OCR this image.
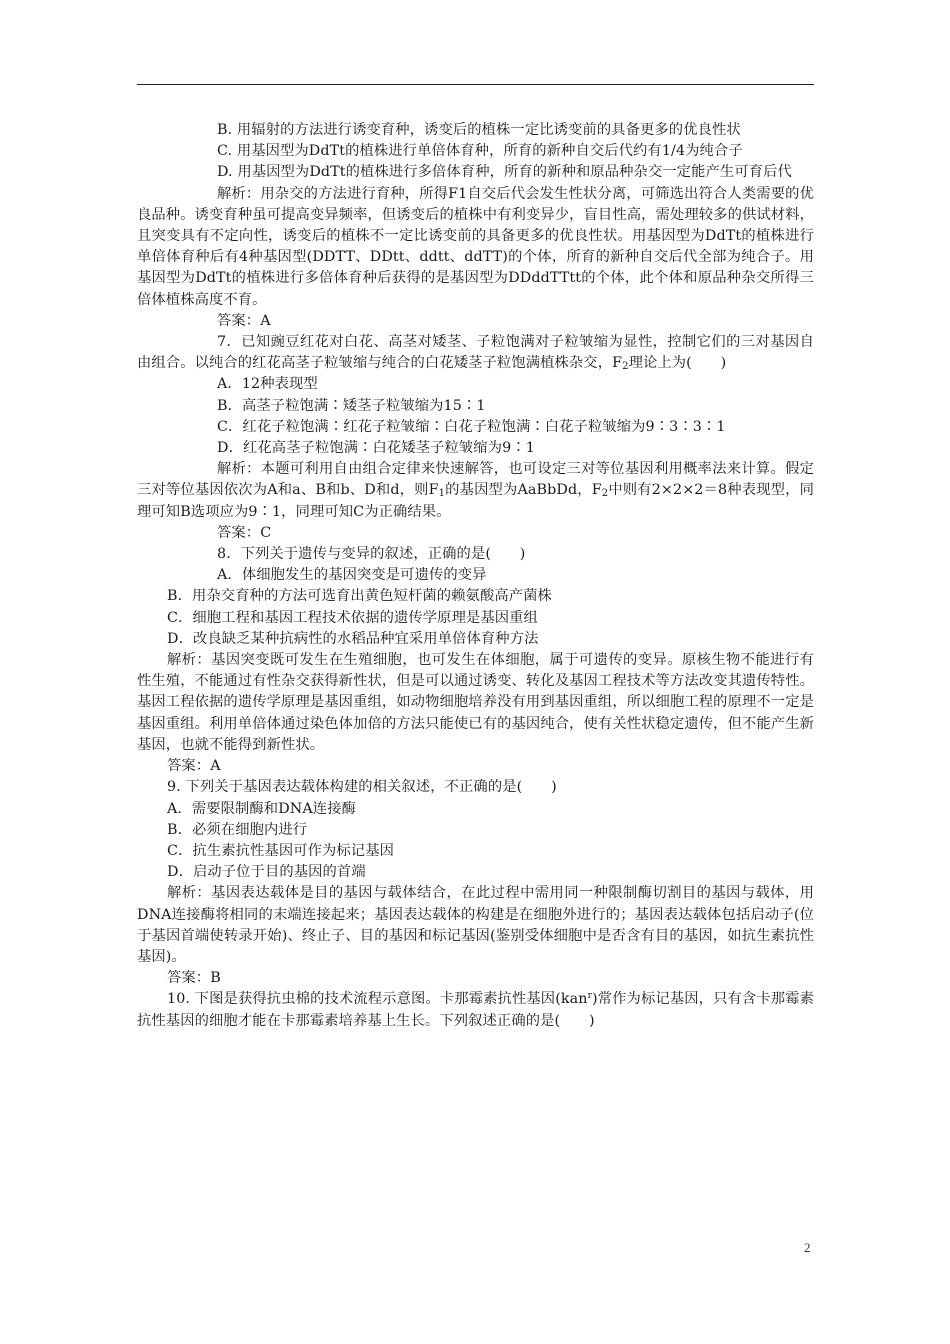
B. 用辐射的方法进行诱变育种，诱变后的植株一定比诱变前的具备更多的优良性状

C. 用基因型为DdTt的植株进行单倍体育种，所育的新种自交后代约有1/4为纯合子

D. 用基因型为DdTt的植株进行多倍体育种，所育的新种和原品种杂交一定能产生可育后代

解析：用杂交的方法进行育种，所得F1自交后代会发生性状分离，可筛选出符合人类需要的优良品种。诱变育种虽可提高变异频率，但诱变后的植株中有利变异少，盲目性高，需处理较多的供试材料，且突变具有不定向性，诱变后的植株不一定比诱变前的具备更多的优良性状。用基因型为DdTt的植株进行单倍体育种后有4种基因型(DDTT、DDtt、ddtt、ddTT)的个体，所育的新种自交后代全部为纯合子。用基因型为DdTt的植株进行多倍体育种后获得的是基因型为DDddTTtt的个体，此个体和原品种杂交所得三倍体植株高度不育。

答案：A

7．已知豌豆红花对白花、高茎对矮茎、子粒饱满对子粒皱缩为显性，控制它们的三对基因自由组合。以纯合的红花高茎子粒皱缩与纯合的白花矮茎子粒饱满植株杂交，$F_2$理论上为(　　)

A．12种表现型

B．高茎子粒饱满∶矮茎子粒皱缩为15∶1

C．红花子粒饱满∶红花子粒皱缩∶白花子粒饱满∶白花子粒皱缩为9∶3∶3∶1

D．红花高茎子粒饱满∶白花矮茎子粒皱缩为9∶1

解析：本题可利用自由组合定律来快速解答，也可设定三对等位基因利用概率法来计算。假定三对等位基因依次为A和a、B和b、D和d，则$F_1$的基因型为AaBbDd，$F_2$中则有2×2×2＝8种表现型，同理可知B选项应为9∶1，同理可知C为正确结果。

答案：C

8．下列关于遗传与变异的叙述，正确的是(　　)

A．体细胞发生的基因突变是可遗传的变异

B．用杂交育种的方法可选育出黄色短杆菌的赖氨酸高产菌株

C．细胞工程和基因工程技术依据的遗传学原理是基因重组

D．改良缺乏某种抗病性的水稻品种宜采用单倍体育种方法

解析：基因突变既可发生在生殖细胞，也可发生在体细胞，属于可遗传的变异。原核生物不能进行有性生殖，不能通过有性杂交获得新性状，但是可以通过诱变、转化及基因工程技术等方法改变其遗传特性。基因工程依据的遗传学原理是基因重组，如动物细胞培养没有用到基因重组，所以细胞工程的原理不一定是基因重组。利用单倍体通过染色体加倍的方法只能使已有的基因纯合，使有关性状稳定遗传，但不能产生新基因，也就不能得到新性状。

答案：A

9. 下列关于基因表达载体构建的相关叙述，不正确的是(　　)

A．需要限制酶和DNA连接酶

B．必须在细胞内进行

C．抗生素抗性基因可作为标记基因

D．启动子位于目的基因的首端

解析：基因表达载体是目的基因与载体结合，在此过程中需用同一种限制酶切割目的基因与载体，用DNA连接酶将相同的末端连接起来；基因表达载体的构建是在细胞外进行的；基因表达载体包括启动子(位于基因首端使转录开始)、终止子、目的基因和标记基因(鉴别受体细胞中是否含有目的基因，如抗生素抗性基因)。

答案：B

10. 下图是获得抗虫棉的技术流程示意图。卡那霉素抗性基因(kan$^r$)常作为标记基因，只有含卡那霉素抗性基因的细胞才能在卡那霉素培养基上生长。下列叙述正确的是(　　)

2
